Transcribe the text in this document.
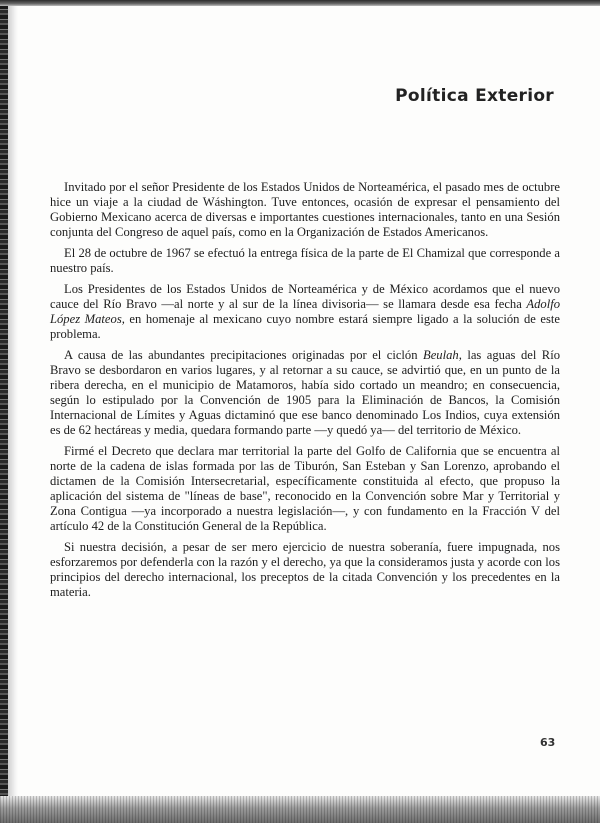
Política Exterior

Invitado por el señor Presidente de los Estados Unidos de Norteamérica, el pasado mes de octubre hice un viaje a la ciudad de Wáshington. Tuve entonces, ocasión de expresar el pensamiento del Gobierno Mexicano acerca de diversas e importantes cuestiones internacionales, tanto en una Sesión conjunta del Congreso de aquel país, como en la Organización de Estados Americanos.

El 28 de octubre de 1967 se efectuó la entrega física de la parte de El Chamizal que corresponde a nuestro país.

Los Presidentes de los Estados Unidos de Norteamérica y de México acordamos que el nuevo cauce del Río Bravo —al norte y al sur de la línea divisoria— se llamara desde esa fecha Adolfo López Mateos, en homenaje al mexicano cuyo nombre estará siempre ligado a la solución de este problema.

A causa de las abundantes precipitaciones originadas por el ciclón Beulah, las aguas del Río Bravo se desbordaron en varios lugares, y al retornar a su cauce, se advirtió que, en un punto de la ribera derecha, en el municipio de Matamoros, había sido cortado un meandro; en consecuencia, según lo estipulado por la Convención de 1905 para la Eliminación de Bancos, la Comisión Internacional de Límites y Aguas dictaminó que ese banco denominado Los Indios, cuya extensión es de 62 hectáreas y media, quedara formando parte —y quedó ya— del territorio de México.

Firmé el Decreto que declara mar territorial la parte del Golfo de California que se encuentra al norte de la cadena de islas formada por las de Tiburón, San Esteban y San Lorenzo, aprobando el dictamen de la Comisión Intersecretarial, específicamente constituida al efecto, que propuso la aplicación del sistema de "líneas de base", reconocido en la Convención sobre Mar y Territorial y Zona Contigua —ya incorporado a nuestra legislación—, y con fundamento en la Fracción V del artículo 42 de la Constitución General de la República.

Si nuestra decisión, a pesar de ser mero ejercicio de nuestra soberanía, fuere impugnada, nos esforzaremos por defenderla con la razón y el derecho, ya que la consideramos justa y acorde con los principios del derecho internacional, los preceptos de la citada Convención y los precedentes en la materia.

63
